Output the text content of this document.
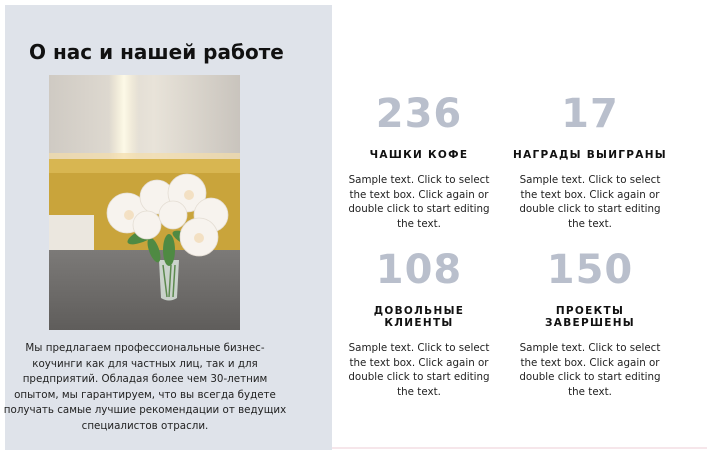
О нас и нашей работе
Мы предлагаем профессиональные бизнес-коучинги как для частных лиц, так и для предприятий. Обладая более чем 30-летним опытом, мы гарантируем, что вы всегда будете получать самые лучшие рекомендации от ведущих специалистов отрасли.
236
ЧАШКИ КОФЕ
Sample text. Click to select the text box. Click again or double click to start editing the text.
17
НАГРАДЫ ВЫИГРАНЫ
Sample text. Click to select the text box. Click again or double click to start editing the text.
108
ДОВОЛЬНЫЕ КЛИЕНТЫ
Sample text. Click to select the text box. Click again or double click to start editing the text.
150
ПРОЕКТЫ ЗАВЕРШЕНЫ
Sample text. Click to select the text box. Click again or double click to start editing the text.
